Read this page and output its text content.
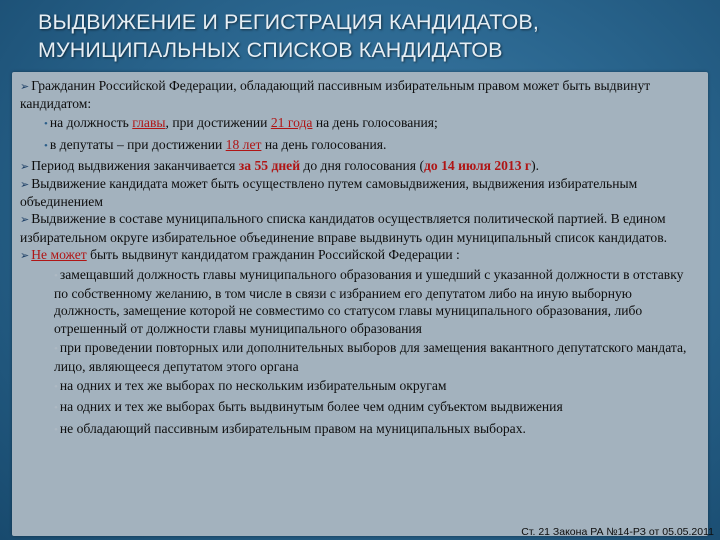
ВЫДВИЖЕНИЕ И РЕГИСТРАЦИЯ КАНДИДАТОВ,
МУНИЦИПАЛЬНЫХ СПИСКОВ КАНДИДАТОВ

➢ Гражданин Российской Федерации, обладающий пассивным избирательным правом может быть выдвинут кандидатом:

• на должность главы, при достижении 21 года на день голосования;
• в депутаты – при достижении 18 лет на день голосования.

➢ Период выдвижения заканчивается за 55 дней до дня голосования (до 14 июля 2013 г).

➢ Выдвижение кандидата может быть осуществлено путем самовыдвижения, выдвижения избирательным объединением

➢ Выдвижение в составе муниципального списка кандидатов осуществляется политической партией. В едином избирательном округе избирательное объединение вправе выдвинуть один муниципальный список кандидатов.

➢ Не может быть выдвинут кандидатом гражданин Российской Федерации :

• замещавший должность главы муниципального образования и ушедший с указанной должности в отставку по собственному желанию, в том числе в связи с избранием его депутатом либо на иную выборную должность, замещение которой не совместимо со статусом главы муниципального образования, либо отрешенный от должности главы муниципального образования
• при проведении повторных или дополнительных выборов для замещения вакантного депутатского мандата, лицо, являющееся депутатом этого органа
• на одних и тех же выборах по нескольким избирательным округам
• на одних и тех же выборах быть выдвинутым более чем одним субъектом выдвижения
• не обладающий пассивным избирательным правом на муниципальных выборах.
Ст. 21 Закона РА №14-РЗ от 05.05.2011
